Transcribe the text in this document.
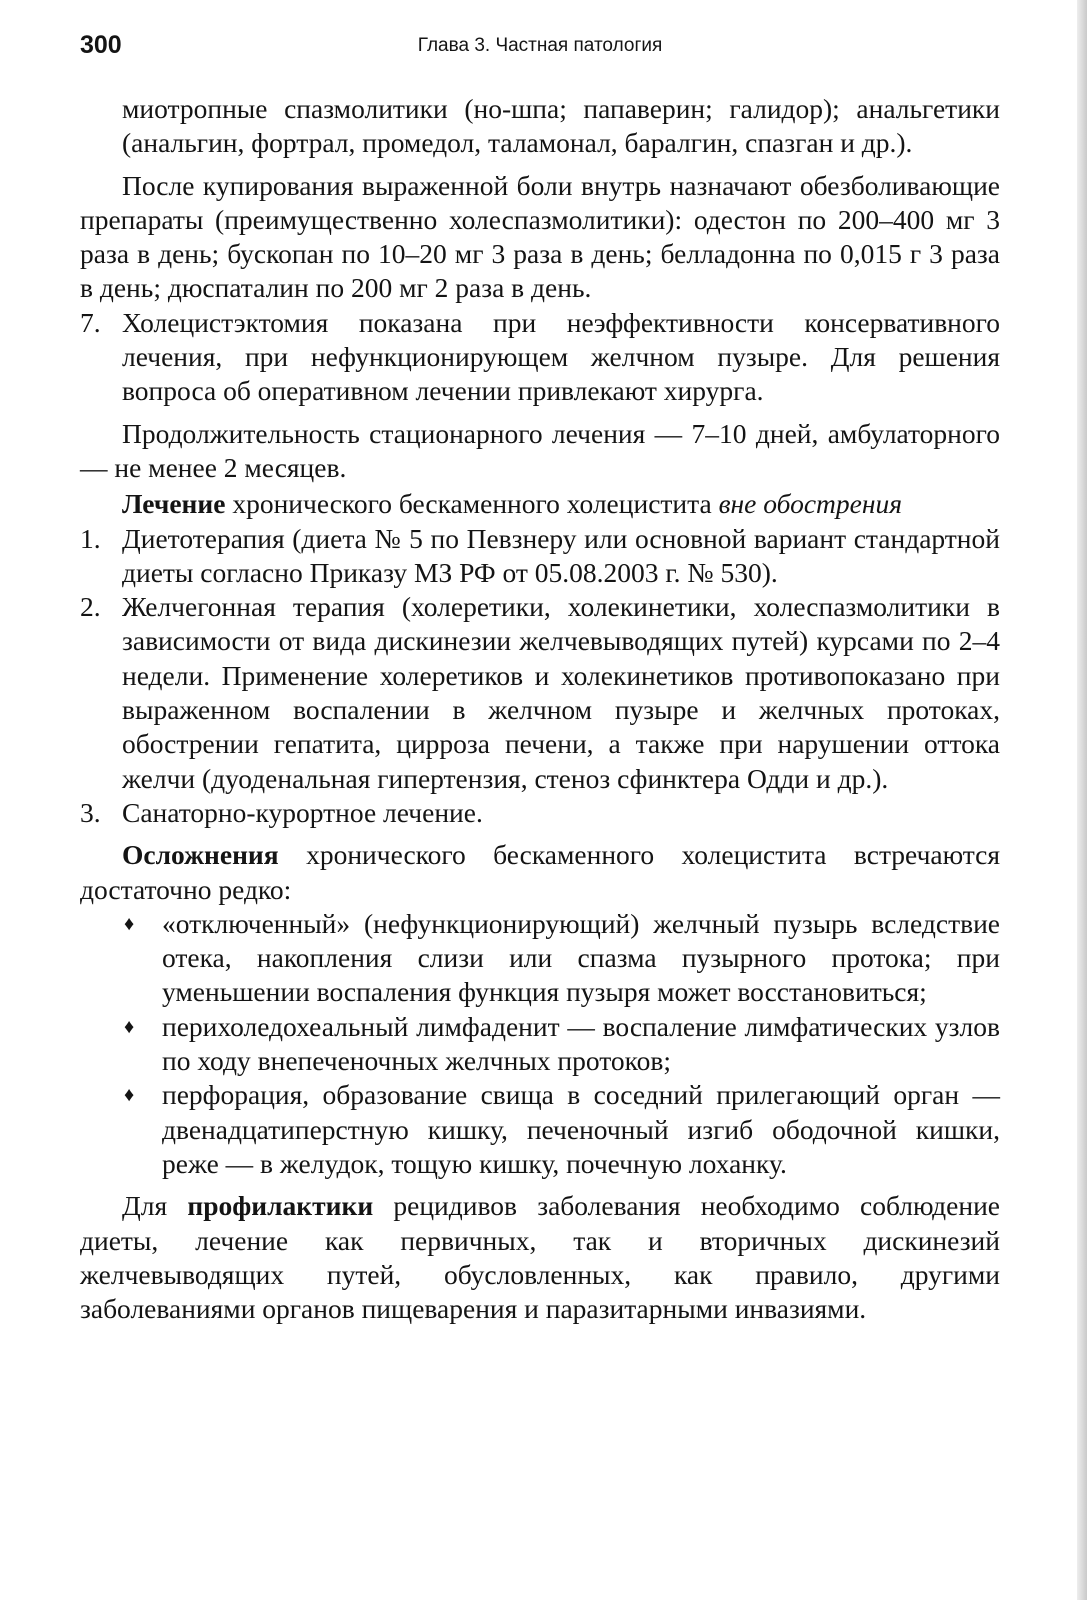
300	Глава 3. Частная патология

миотропные спазмолитики (но-шпа; папаверин; галидор); анальгетики (анальгин, фортрал, промедол, таламонал, баралгин, спазган и др.).

После купирования выраженной боли внутрь назначают обезболивающие препараты (преимущественно холеспазмолитики): одестон по 200–400 мг 3 раза в день; бускопан по 10–20 мг 3 раза в день; белладонна по 0,015 г 3 раза в день; дюспаталин по 200 мг 2 раза в день.

7. Холецистэктомия показана при неэффективности консервативного лечения, при нефункционирующем желчном пузыре. Для решения вопроса об оперативном лечении привлекают хирурга.

Продолжительность стационарного лечения — 7–10 дней, амбулаторного — не менее 2 месяцев.

Лечение хронического бескаменного холецистита вне обострения

1. Диетотерапия (диета № 5 по Певзнеру или основной вариант стандартной диеты согласно Приказу МЗ РФ от 05.08.2003 г. № 530).
2. Желчегонная терапия (холеретики, холекинетики, холеспазмолитики в зависимости от вида дискинезии желчевыводящих путей) курсами по 2–4 недели. Применение холеретиков и холекинетиков противопоказано при выраженном воспалении в желчном пузыре и желчных протоках, обострении гепатита, цирроза печени, а также при нарушении оттока желчи (дуоденальная гипертензия, стеноз сфинктера Одди и др.).
3. Санаторно-курортное лечение.

Осложнения хронического бескаменного холецистита встречаются достаточно редко:

♦ «отключенный» (нефункционирующий) желчный пузырь вследствие отека, накопления слизи или спазма пузырного протока; при уменьшении воспаления функция пузыря может восстановиться;
♦ перихоледохеальный лимфаденит — воспаление лимфатических узлов по ходу внепеченочных желчных протоков;
♦ перфорация, образование свища в соседний прилегающий орган — двенадцатиперстную кишку, печеночный изгиб ободочной кишки, реже — в желудок, тощую кишку, почечную лоханку.

Для профилактики рецидивов заболевания необходимо соблюдение диеты, лечение как первичных, так и вторичных дискинезий желчевыводящих путей, обусловленных, как правило, другими заболеваниями органов пищеварения и паразитарными инвазиями.
